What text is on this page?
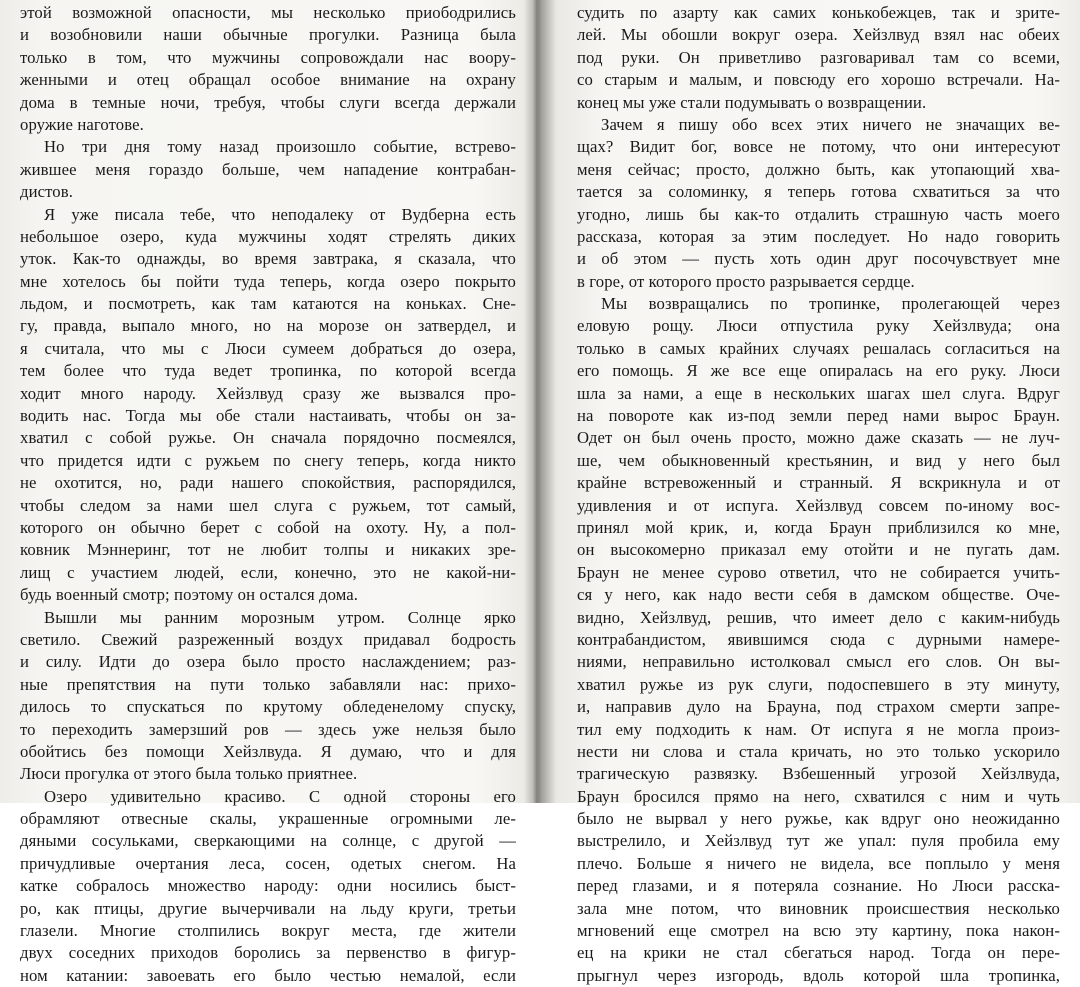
этой возможной опасности, мы несколько приободрились
и возобновили наши обычные прогулки. Разница была
только в том, что мужчины сопровождали нас воору-
женными и отец обращал особое внимание на охрану
дома в темные ночи, требуя, чтобы слуги всегда держали
оружие наготове.
Но три дня тому назад произошло событие, встрево-
жившее меня гораздо больше, чем нападение контрабан-
дистов.
Я уже писала тебе, что неподалеку от Вудберна есть
небольшое озеро, куда мужчины ходят стрелять диких
уток. Как-то однажды, во время завтрака, я сказала, что
мне хотелось бы пойти туда теперь, когда озеро покрыто
льдом, и посмотреть, как там катаются на коньках. Сне-
гу, правда, выпало много, но на морозе он затвердел, и
я считала, что мы с Люси сумеем добраться до озера,
тем более что туда ведет тропинка, по которой всегда
ходит много народу. Хейзлвуд сразу же вызвался про-
водить нас. Тогда мы обе стали настаивать, чтобы он за-
хватил с собой ружье. Он сначала порядочно посмеялся,
что придется идти с ружьем по снегу теперь, когда никто
не охотится, но, ради нашего спокойствия, распорядился,
чтобы следом за нами шел слуга с ружьем, тот самый,
которого он обычно берет с собой на охоту. Ну, а пол-
ковник Мэннеринг, тот не любит толпы и никаких зре-
лищ с участием людей, если, конечно, это не какой-ни-
будь военный смотр; поэтому он остался дома.
Вышли мы ранним морозным утром. Солнце ярко
светило. Свежий разреженный воздух придавал бодрость
и силу. Идти до озера было просто наслаждением; раз-
ные препятствия на пути только забавляли нас: прихо-
дилось то спускаться по крутому обледенелому спуску,
то переходить замерзший ров — здесь уже нельзя было
обойтись без помощи Хейзлвуда. Я думаю, что и для
Люси прогулка от этого была только приятнее.
Озеро удивительно красиво. С одной стороны его
обрамляют отвесные скалы, украшенные огромными ле-
дяными сосульками, сверкающими на солнце, с другой —
причудливые очертания леса, сосен, одетых снегом. На
катке собралось множество народу: одни носились быст-
ро, как птицы, другие вычерчивали на льду круги, третьи
глазели. Многие столпились вокруг места, где жители
двух соседних приходов боролись за первенство в фигур-
ном катании: завоевать его было честью немалой, если
судить по азарту как самих конькобежцев, так и зрите-
лей. Мы обошли вокруг озера. Хейзлвуд взял нас обеих
под руки. Он приветливо разговаривал там со всеми,
со старым и малым, и повсюду его хорошо встречали. На-
конец мы уже стали подумывать о возвращении.
Зачем я пишу обо всех этих ничего не значащих ве-
щах? Видит бог, вовсе не потому, что они интересуют
меня сейчас; просто, должно быть, как утопающий хва-
тается за соломинку, я теперь готова схватиться за что
угодно, лишь бы как-то отдалить страшную часть моего
рассказа, которая за этим последует. Но надо говорить
и об этом — пусть хоть один друг посочувствует мне
в горе, от которого просто разрывается сердце.
Мы возвращались по тропинке, пролегающей через
еловую рощу. Люси отпустила руку Хейзлвуда; она
только в самых крайних случаях решалась согласиться на
его помощь. Я же все еще опиралась на его руку. Люси
шла за нами, а еще в нескольких шагах шел слуга. Вдруг
на повороте как из-под земли перед нами вырос Браун.
Одет он был очень просто, можно даже сказать — не луч-
ше, чем обыкновенный крестьянин, и вид у него был
крайне встревоженный и странный. Я вскрикнула и от
удивления и от испуга. Хейзлвуд совсем по-иному вос-
принял мой крик, и, когда Браун приблизился ко мне,
он высокомерно приказал ему отойти и не пугать дам.
Браун не менее сурово ответил, что не собирается учить-
ся у него, как надо вести себя в дамском обществе. Оче-
видно, Хейзлвуд, решив, что имеет дело с каким-нибудь
контрабандистом, явившимся сюда с дурными намере-
ниями, неправильно истолковал смысл его слов. Он вы-
хватил ружье из рук слуги, подоспевшего в эту минуту,
и, направив дуло на Брауна, под страхом смерти запре-
тил ему подходить к нам. От испуга я не могла произ-
нести ни слова и стала кричать, но это только ускорило
трагическую развязку. Взбешенный угрозой Хейзлвуда,
Браун бросился прямо на него, схватился с ним и чуть
было не вырвал у него ружье, как вдруг оно неожиданно
выстрелило, и Хейзлвуд тут же упал: пуля пробила ему
плечо. Больше я ничего не видела, все поплыло у меня
перед глазами, и я потеряла сознание. Но Люси расска-
зала мне потом, что виновник происшествия несколько
мгновений еще смотрел на всю эту картину, пока након-
ец на крики не стал сбегаться народ. Тогда он пере-
прыгнул через изгородь, вдоль которой шла тропинка,
